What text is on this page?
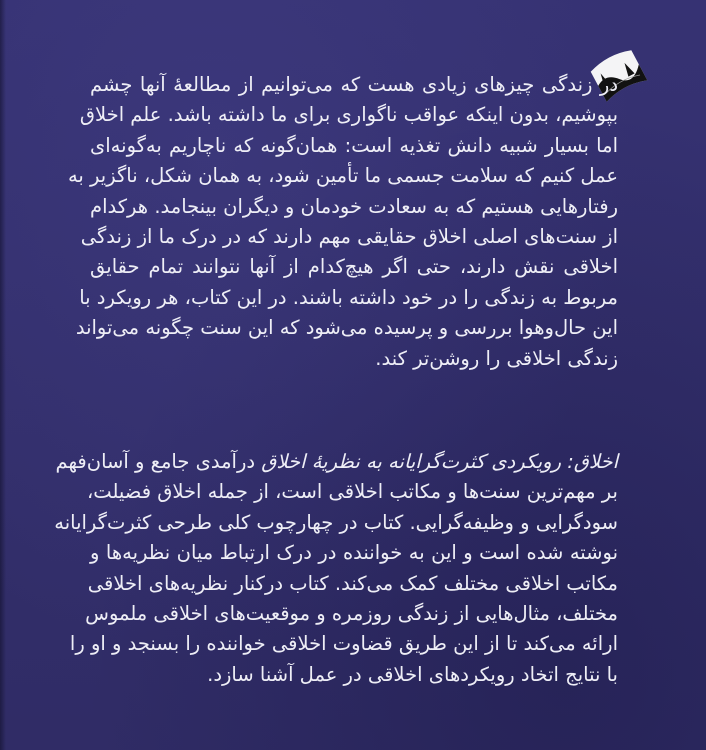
در زندگی چیزهای زیادی هست که می‌توانیم از مطالعهٔ آنها چشم
بپوشیم، بدون اینکه عواقب ناگواری برای ما داشته باشد. علم اخلاق
اما بسیار شبیه دانش تغذیه است: همان‌گونه که ناچاریم به‌گونه‌ای
عمل کنیم که سلامت جسمی ما تأمین شود، به همان شکل، ناگزیر به
رفتارهایی هستیم که به سعادت خودمان و دیگران بینجامد. هرکدام
از سنت‌های اصلی اخلاق حقایقی مهم دارند که در درک ما از زندگی
اخلاقی نقش دارند، حتی اگر هیچ‌کدام از آنها نتوانند تمام حقایق
مربوط به زندگی را در خود داشته باشند. در این کتاب، هر رویکرد با
این حال‌وهوا بررسی و پرسیده می‌شود که این سنت چگونه می‌تواند
زندگی اخلاقی را روشن‌تر کند.
اخلاق: رویکردی کثرت‌گرایانه به نظریهٔ اخلاق درآمدی جامع و آسان‌فهم
بر مهم‌ترین سنت‌ها و مکاتب اخلاقی است، از جمله اخلاق فضیلت،
سودگرایی و وظیفه‌گرایی. کتاب در چهارچوب کلی طرحی کثرت‌گرایانه
نوشته شده است و این به خواننده در درک ارتباط میان نظریه‌ها و
مکاتب اخلاقی مختلف کمک می‌کند. کتاب درکنار نظریه‌های اخلاقی
مختلف، مثال‌هایی از زندگی روزمره و موقعیت‌های اخلاقی ملموس
ارائه می‌کند تا از این طریق قضاوت اخلاقی خواننده را بسنجد و او را
با نتایج اتخاد رویکردهای اخلاقی در عمل آشنا سازد.
